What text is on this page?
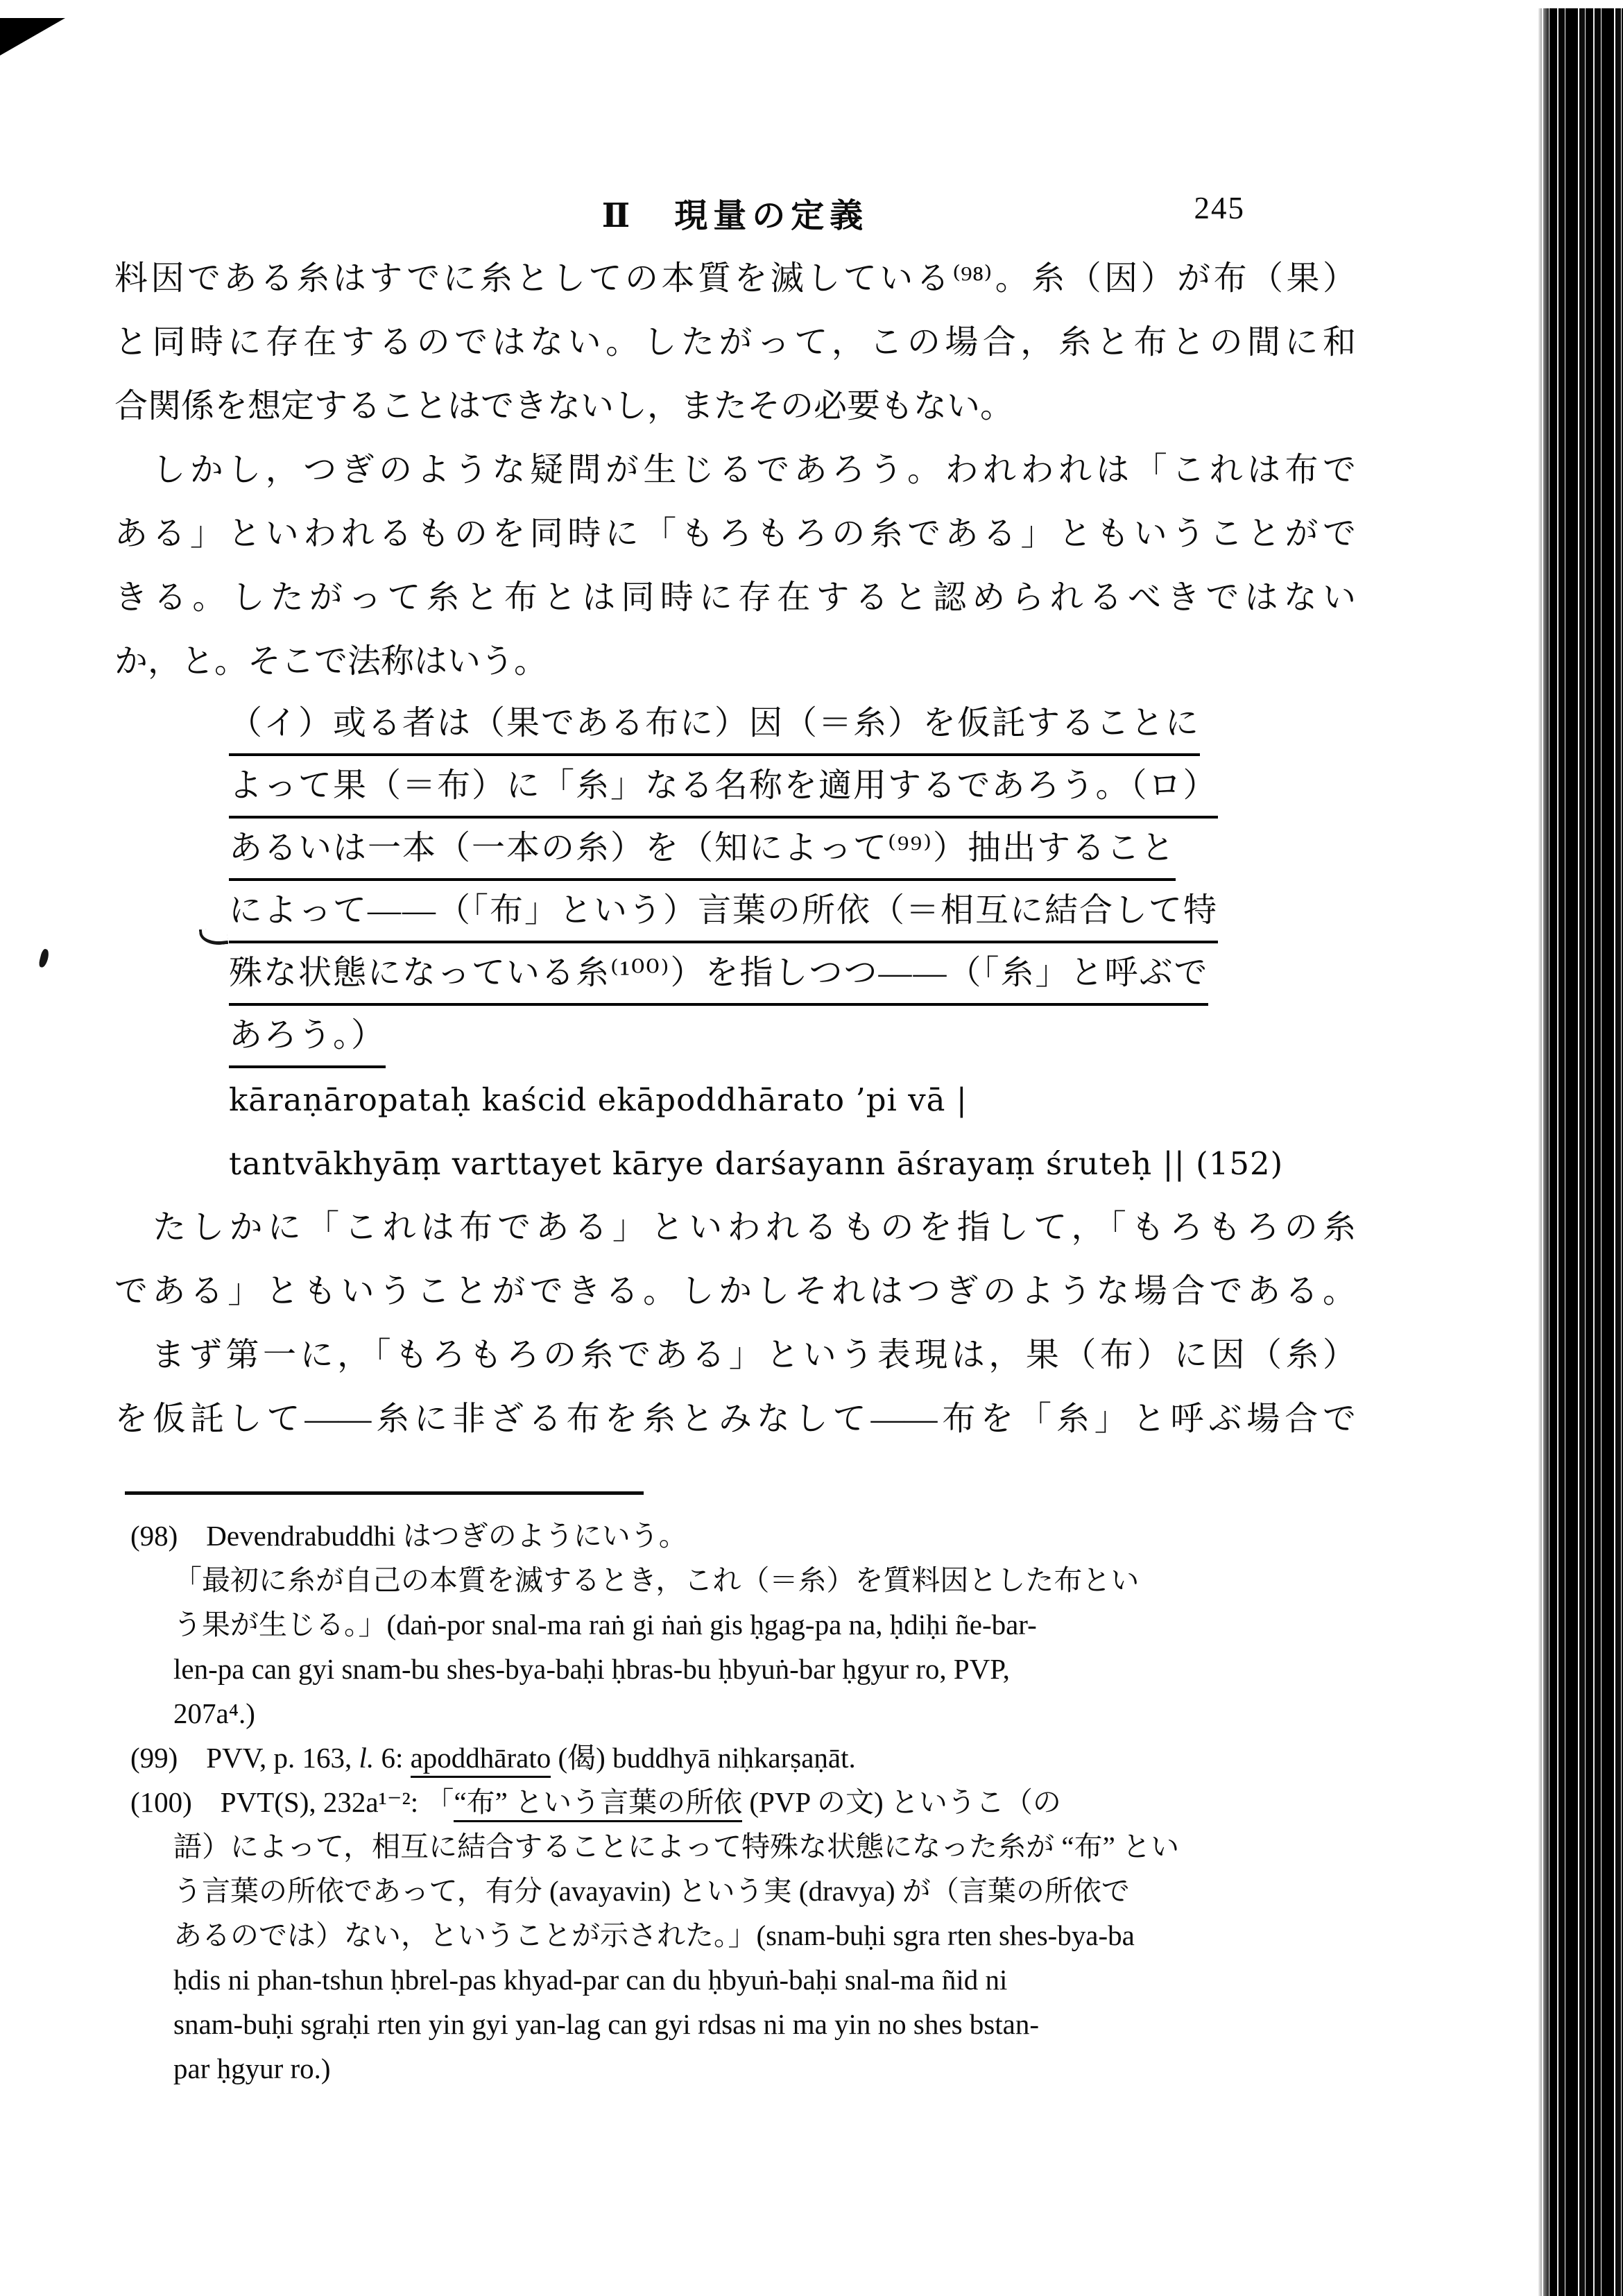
Ⅱ　現量の定義	245
料因である糸はすでに糸としての本質を滅している⁽⁹⁸⁾。糸（因）が布（果）
と同時に存在するのではない。したがって，この場合，糸と布との間に和
合関係を想定することはできないし，またその必要もない。
　しかし，つぎのような疑問が生じるであろう。われわれは「これは布で
ある」といわれるものを同時に「もろもろの糸である」ともいうことがで
きる。したがって糸と布とは同時に存在すると認められるべきではない
か，と。そこで法称はいう。
（イ）或る者は（果である布に）因（＝糸）を仮託することに
よって果（＝布）に「糸」なる名称を適用するであろう。（ロ）
あるいは一本（一本の糸）を（知によって⁽⁹⁹⁾）抽出すること
によって——（「布」という）言葉の所依（＝相互に結合して特
殊な状態になっている糸⁽¹⁰⁰⁾）を指しつつ——（「糸」と呼ぶで
あろう。）
kāraṇāropataḥ kaścid ekāpoddhārato ’pi vā |
tantvākhyāṃ varttayet kārye darśayann āśrayaṃ śruteḥ || (152)
　たしかに「これは布である」といわれるものを指して，「もろもろの糸
である」ともいうことができる。しかしそれはつぎのような場合である。
　まず第一に，「もろもろの糸である」という表現は，果（布）に因（糸）
を仮託して——糸に非ざる布を糸とみなして——布を「糸」と呼ぶ場合で
(98)　Devendrabuddhi はつぎのようにいう。
「最初に糸が自己の本質を滅するとき，これ（＝糸）を質料因とした布とい
う果が生じる。」(daṅ-por snal-ma raṅ gi ṅaṅ gis ḥgag-pa na, ḥdiḥi ñe-bar-
len-pa can gyi snam-bu shes-bya-baḥi ḥbras-bu ḥbyuṅ-bar ḥgyur ro, PVP,
207a⁴.)
(99)　PVV, p. 163, l. 6: apoddhārato (偈) buddhyā niḥkarṣaṇāt.
(100)　PVT(S), 232a¹⁻²: 「“布” という言葉の所依 (PVP の文) というこ（の
語）によって，相互に結合することによって特殊な状態になった糸が “布” とい
う言葉の所依であって，有分 (avayavin) という実 (dravya) が（言葉の所依で
あるのでは）ない，ということが示された。」(snam-buḥi sgra rten shes-bya-ba
ḥdis ni phan-tshun ḥbrel-pas khyad-par can du ḥbyuṅ-baḥi snal-ma ñid ni
snam-buḥi sgraḥi rten yin gyi yan-lag can gyi rdsas ni ma yin no shes bstan-
par ḥgyur ro.)
